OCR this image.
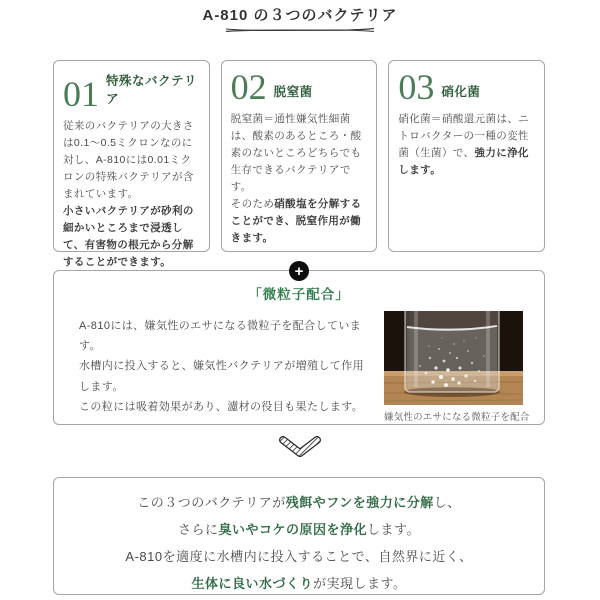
A-810 の３つのバクテリア
01 特殊なバクテリア
従来のバクテリアの大きさは0.1～0.5ミクロンなのに対し、A-810には0.01ミクロンの特殊バクテリアが含まれています。
小さいバクテリアが砂利の細かいところまで浸透して、有害物の根元から分解することができます。
02 脱窒菌
脱窒菌＝通性嫌気性細菌は、酸素のあるところ・酸素のないところどちらでも生存できるバクテリアです。
そのため硝酸塩を分解することができ、脱窒作用が働きます。
03 硝化菌
硝化菌＝硝酸還元菌は、ニトロバクターの一種の変性菌（生菌）で、強力に浄化します。
+
「微粒子配合」
A-810には、嫌気性のエサになる微粒子を配合しています。
水槽内に投入すると、嫌気性バクテリアが増殖して作用します。
この粒には吸着効果があり、濾材の役目も果たします。
嫌気性のエサになる微粒子を配合
この３つのバクテリアが残餌やフンを強力に分解し、
さらに臭いやコケの原因を浄化します。
A-810を適度に水槽内に投入することで、自然界に近く、
生体に良い水づくりが実現します。
